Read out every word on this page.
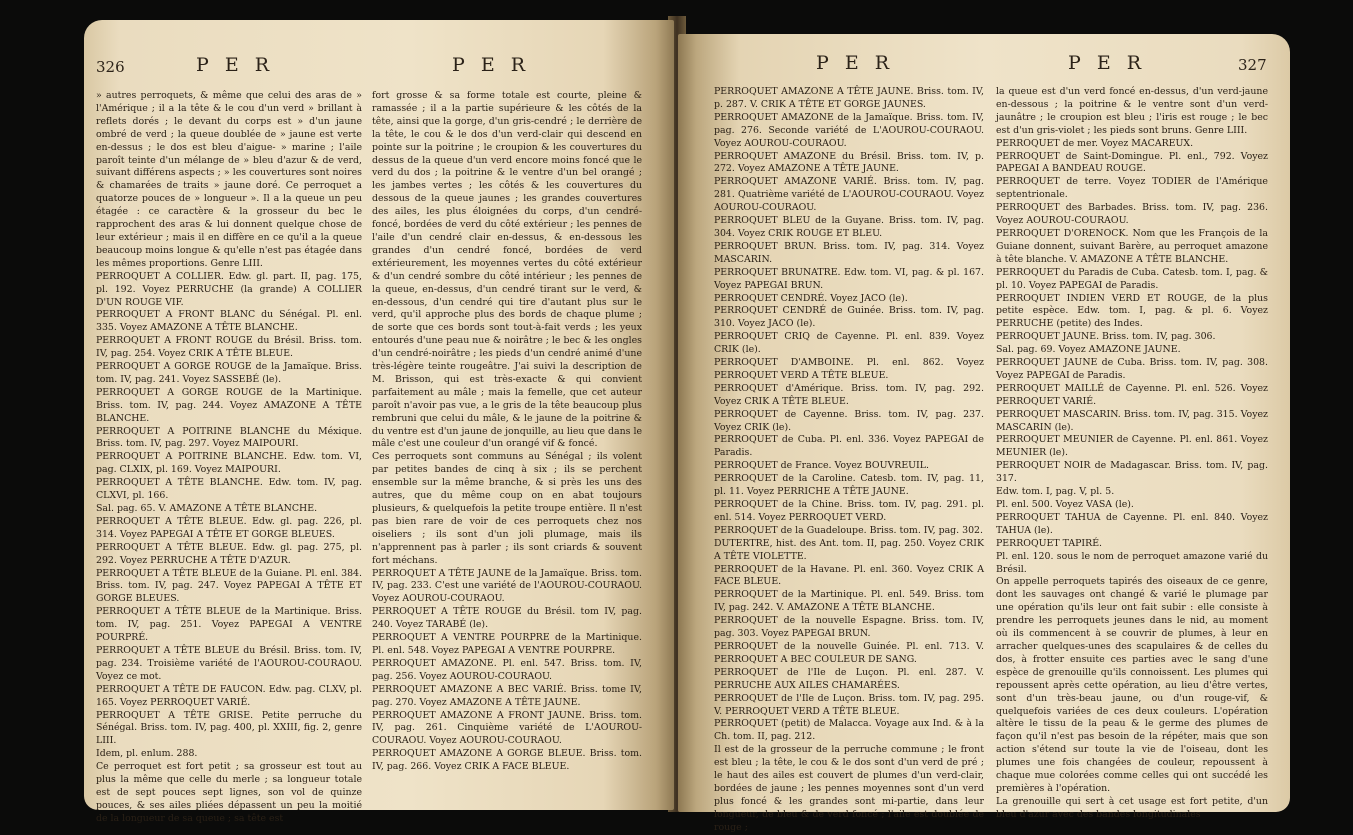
326	P E R	P E R

» autres perroquets, & même que celui des aras de » l'Amérique ; il a la tête & le cou d'un verd » brillant à reflets dorés ; le devant du corps est » d'un jaune ombré de verd ; la queue doublée de » jaune est verte en-dessus ; le dos est bleu d'aigue- » marine ; l'aile paroît teinte d'un mélange de » bleu d'azur & de verd, suivant différens aspects ; » les couvertures sont noires & chamarées de traits » jaune doré. Ce perroquet a quatorze pouces de » longueur ». Il a la queue un peu étagée : ce caractère & la grosseur du bec le rapprochent des aras & lui donnent quelque chose de leur extérieur ; mais il en diffère en ce qu'il a la queue beaucoup moins longue & qu'elle n'est pas étagée dans les mêmes proportions. Genre LIII.

PERROQUET A COLLIER. Edw. gl. part. II, pag. 175, pl. 192. Voyez PERRUCHE (la grande) A COLLIER D'UN ROUGE VIF.

PERROQUET A FRONT BLANC du Sénégal. Pl. enl. 335. Voyez AMAZONE A TÊTE BLANCHE.

PERROQUET A FRONT ROUGE du Brésil. Briss. tom. IV, pag. 254. Voyez CRIK A TÊTE BLEUE.

PERROQUET A GORGE ROUGE de la Jamaïque. Briss. tom. IV, pag. 241. Voyez SASSEBÉ (le).

PERROQUET A GORGE ROUGE de la Martinique. Briss. tom. IV, pag. 244. Voyez AMAZONE A TÊTE BLANCHE.

PERROQUET A POITRINE BLANCHE du Méxique. Briss. tom. IV, pag. 297. Voyez MAIPOURI.

PERROQUET A POITRINE BLANCHE. Edw. tom. VI, pag. CLXIX, pl. 169. Voyez MAIPOURI.

PERROQUET A TÊTE BLANCHE. Edw. tom. IV, pag. CLXVI, pl. 166.

Sal. pag. 65. V. AMAZONE A TÊTE BLANCHE.

PERROQUET A TÊTE BLEUE. Edw. gl. pag. 226, pl. 314. Voyez PAPEGAI A TÊTE ET GORGE BLEUES.

PERROQUET A TÊTE BLEUE. Edw. gl. pag. 275, pl. 292. Voyez PERRUCHE A TÊTE D'AZUR.

PERROQUET A TÊTE BLEUE de la Guiane. Pl. enl. 384. Briss. tom. IV, pag. 247. Voyez PAPEGAI A TÊTE ET GORGE BLEUES.

PERROQUET A TÊTE BLEUE de la Martinique. Briss. tom. IV, pag. 251. Voyez PAPEGAI A VENTRE POURPRÉ.

PERROQUET A TÊTE BLEUE du Brésil. Briss. tom. IV, pag. 234. Troisième variété de l'AOUROU-COURAOU. Voyez ce mot.

PERROQUET A TÊTE DE FAUCON. Edw. pag. CLXV, pl. 165. Voyez PERROQUET VARIÉ.

PERROQUET A TÊTE GRISE. Petite perruche du Sénégal. Briss. tom. IV, pag. 400, pl. XXIII, fig. 2, genre LIII.

Idem, pl. enlum. 288.

Ce perroquet est fort petit ; sa grosseur est tout au plus la même que celle du merle ; sa longueur totale est de sept pouces sept lignes, son vol de quinze pouces, & ses ailes pliées dépassent un peu la moitié de la longueur de sa queue ; sa tête est

fort grosse & sa forme totale est courte, pleine & ramassée ; il a la partie supérieure & les côtés de la tête, ainsi que la gorge, d'un gris-cendré ; le derrière de la tête, le cou & le dos d'un verd-clair qui descend en pointe sur la poitrine ; le croupion & les couvertures du dessus de la queue d'un verd encore moins foncé que le verd du dos ; la poitrine & le ventre d'un bel orangé ; les jambes vertes ; les côtés & les couvertures du dessous de la queue jaunes ; les grandes couvertures des ailes, les plus éloignées du corps, d'un cendré-foncé, bordées de verd du côté extérieur ; les pennes de l'aile d'un cendré clair en-dessus, & en-dessous les grandes d'un cendré foncé, bordées de verd extérieurement, les moyennes vertes du côté extérieur & d'un cendré sombre du côté intérieur ; les pennes de la queue, en-dessus, d'un cendré tirant sur le verd, & en-dessous, d'un cendré qui tire d'autant plus sur le verd, qu'il approche plus des bords de chaque plume ; de sorte que ces bords sont tout-à-fait verds ; les yeux entourés d'une peau nue & noirâtre ; le bec & les ongles d'un cendré-noirâtre ; les pieds d'un cendré animé d'une très-légère teinte rougeâtre. J'ai suivi la description de M. Brisson, qui est très-exacte & qui convient parfaitement au mâle ; mais la femelle, que cet auteur paroît n'avoir pas vue, a le gris de la tête beaucoup plus rembruni que celui du mâle, & le jaune de la poitrine & du ventre est d'un jaune de jonquille, au lieu que dans le mâle c'est une couleur d'un orangé vif & foncé.

Ces perroquets sont communs au Sénégal ; ils volent par petites bandes de cinq à six ; ils se perchent ensemble sur la même branche, & si près les uns des autres, que du même coup on en abat toujours plusieurs, & quelquefois la petite troupe entière. Il n'est pas bien rare de voir de ces perroquets chez nos oiseliers ; ils sont d'un joli plumage, mais ils n'apprennent pas à parler ; ils sont criards & souvent fort méchans.

PERROQUET A TÊTE JAUNE de la Jamaïque. Briss. tom. IV, pag. 233. C'est une variété de l'AOUROU-COURAOU. Voyez AOUROU-COURAOU.

PERROQUET A TÊTE ROUGE du Brésil. tom IV, pag. 240. Voyez TARABÉ (le).

PERROQUET A VENTRE POURPRE de la Martinique. Pl. enl. 548. Voyez PAPEGAI A VENTRE POURPRE.

PERROQUET AMAZONE. Pl. enl. 547. Briss. tom. IV, pag. 256. Voyez AOUROU-COURAOU.

PERROQUET AMAZONE A BEC VARIÉ. Briss. tome IV, pag. 270. Voyez AMAZONE A TÊTE JAUNE.

PERROQUET AMAZONE A FRONT JAUNE. Briss. tom. IV, pag. 261. Cinquième variété de L'AOUROU-COURAOU. Voyez AOUROU-COURAOU.

PERROQUET AMAZONE A GORGE BLEUE. Briss. tom. IV, pag. 266. Voyez CRIK A FACE BLEUE.

P E R	P E R	327

PERROQUET AMAZONE A TÊTE JAUNE. Briss. tom. IV, p. 287. V. CRIK A TÊTE ET GORGE JAUNES.

PERROQUET AMAZONE de la Jamaïque. Briss. tom. IV, pag. 276. Seconde variété de L'AOUROU-COURAOU. Voyez AOUROU-COURAOU.

PERROQUET AMAZONE du Brésil. Briss. tom. IV, p. 272. Voyez AMAZONE A TÊTE JAUNE.

PERROQUET AMAZONE VARIÉ. Briss. tom. IV, pag. 281. Quatrième variété de L'AOUROU-COURAOU. Voyez AOUROU-COURAOU.

PERROQUET BLEU de la Guyane. Briss. tom. IV, pag. 304. Voyez CRIK ROUGE ET BLEU.

PERROQUET BRUN. Briss. tom. IV, pag. 314. Voyez MASCARIN.

PERROQUET BRUNATRE. Edw. tom. VI, pag. & pl. 167. Voyez PAPEGAI BRUN.

PERROQUET CENDRÉ. Voyez JACO (le).

PERROQUET CENDRÉ de Guinée. Briss. tom. IV, pag. 310. Voyez JACO (le).

PERROQUET CRIQ de Cayenne. Pl. enl. 839. Voyez CRIK (le).

PERROQUET D'AMBOINE. Pl. enl. 862. Voyez PERROQUET VERD A TÊTE BLEUE.

PERROQUET d'Amérique. Briss. tom. IV, pag. 292. Voyez CRIK A TÊTE BLEUE.

PERROQUET de Cayenne. Briss. tom. IV, pag. 237. Voyez CRIK (le).

PERROQUET de Cuba. Pl. enl. 336. Voyez PAPEGAI de Paradis.

PERROQUET de France. Voyez BOUVREUIL.

PERROQUET de la Caroline. Catesb. tom. IV, pag. 11, pl. 11. Voyez PERRICHE A TÊTE JAUNE.

PERROQUET de la Chine. Briss. tom. IV, pag. 291. pl. enl. 514. Voyez PERROQUET VERD.

PERROQUET de la Guadeloupe. Briss. tom. IV, pag. 302.

DUTERTRE, hist. des Ant. tom. II, pag. 250. Voyez CRIK A TÊTE VIOLETTE.

PERROQUET de la Havane. Pl. enl. 360. Voyez CRIK A FACE BLEUE.

PERROQUET de la Martinique. Pl. enl. 549. Briss. tom IV, pag. 242. V. AMAZONE A TÊTE BLANCHE.

PERROQUET de la nouvelle Espagne. Briss. tom. IV, pag. 303. Voyez PAPEGAI BRUN.

PERROQUET de la nouvelle Guinée. Pl. enl. 713. V. PERROQUET A BEC COULEUR DE SANG.

PERROQUET de l'Ile de Luçon. Pl. enl. 287. V. PERRUCHE AUX AILES CHAMARÉES.

PERROQUET de l'Ile de Luçon. Briss. tom. IV, pag. 295. V. PERROQUET VERD A TÊTE BLEUE.

PERROQUET (petit) de Malacca. Voyage aux Ind. & à la Ch. tom. II, pag. 212.

Il est de la grosseur de la perruche commune ; le front est bleu ; la tête, le cou & le dos sont d'un verd de pré ; le haut des ailes est couvert de plumes d'un verd-clair, bordées de jaune ; les pennes moyennes sont d'un verd plus foncé & les grandes sont mi-partie, dans leur longueur, de bleu & de verd foncé ; l'aile est doublée de rouge ;

la queue est d'un verd foncé en-dessus, d'un verd-jaune en-dessous ; la poitrine & le ventre sont d'un verd-jaunâtre ; le croupion est bleu ; l'iris est rouge ; le bec est d'un gris-violet ; les pieds sont bruns. Genre LIII.

PERROQUET de mer. Voyez MACAREUX.

PERROQUET de Saint-Domingue. Pl. enl., 792. Voyez PAPEGAI A BANDEAU ROUGE.

PERROQUET de terre. Voyez TODIER de l'Amérique septentrionale.

PERROQUET des Barbades. Briss. tom. IV, pag. 236. Voyez AOUROU-COURAOU.

PERROQUET D'ORENOCK. Nom que les François de la Guiane donnent, suivant Barère, au perroquet amazone à tête blanche. V. AMAZONE A TÊTE BLANCHE.

PERROQUET du Paradis de Cuba. Catesb. tom. I, pag. & pl. 10. Voyez PAPEGAI de Paradis.

PERROQUET INDIEN VERD ET ROUGE, de la plus petite espèce. Edw. tom. I, pag. & pl. 6. Voyez PERRUCHE (petite) des Indes.

PERROQUET JAUNE. Briss. tom. IV, pag. 306.

Sal. pag. 69. Voyez AMAZONE JAUNE.

PERROQUET JAUNE de Cuba. Briss. tom. IV, pag. 308. Voyez PAPEGAI de Paradis.

PERROQUET MAILLÉ de Cayenne. Pl. enl. 526. Voyez PERROQUET VARIÉ.

PERROQUET MASCARIN. Briss. tom. IV, pag. 315. Voyez MASCARIN (le).

PERROQUET MEUNIER de Cayenne. Pl. enl. 861. Voyez MEUNIER (le).

PERROQUET NOIR de Madagascar. Briss. tom. IV, pag. 317.

Edw. tom. I, pag. V, pl. 5.

Pl. enl. 500. Voyez VASA (le).

PERROQUET TAHUA de Cayenne. Pl. enl. 840. Voyez TAHUA (le).

PERROQUET TAPIRÉ.

Pl. enl. 120. sous le nom de perroquet amazone varié du Brésil.

On appelle perroquets tapirés des oiseaux de ce genre, dont les sauvages ont changé & varié le plumage par une opération qu'ils leur ont fait subir : elle consiste à prendre les perroquets jeunes dans le nid, au moment où ils commencent à se couvrir de plumes, à leur en arracher quelques-unes des scapulaires & de celles du dos, à frotter ensuite ces parties avec le sang d'une espèce de grenouille qu'ils connoissent. Les plumes qui repoussent après cette opération, au lieu d'être vertes, sont d'un très-beau jaune, ou d'un rouge-vif, & quelquefois variées de ces deux couleurs. L'opération altère le tissu de la peau & le germe des plumes de façon qu'il n'est pas besoin de la répéter, mais que son action s'étend sur toute la vie de l'oiseau, dont les plumes une fois changées de couleur, repoussent à chaque mue colorées comme celles qui ont succédé les premières à l'opération.

La grenouille qui sert à cet usage est fort petite, d'un bleu d'azur avec des bandes longitudinales
